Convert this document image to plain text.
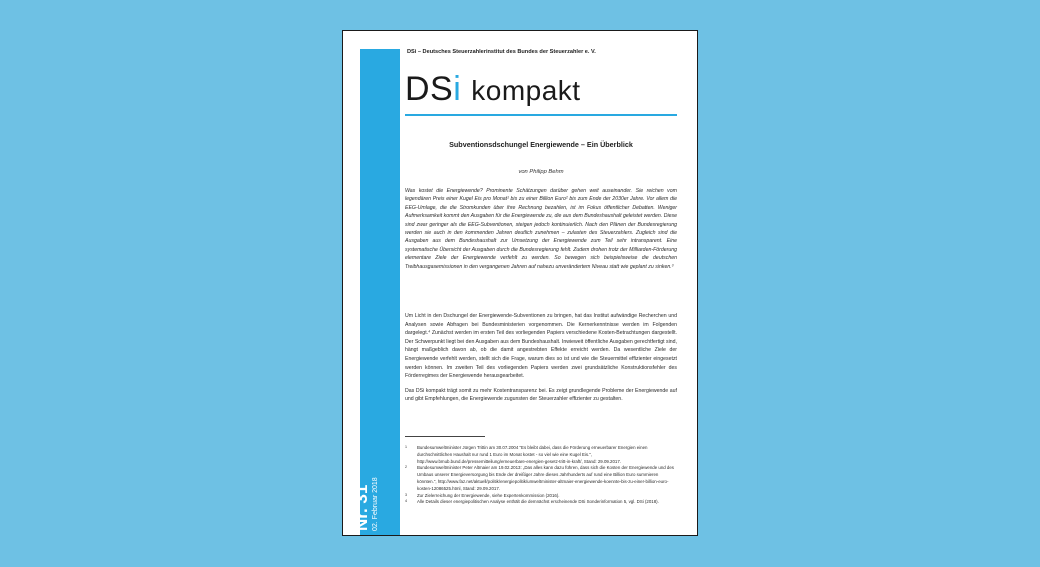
Nr. 31 02. Februar 2018
DSi – Deutsches Steuerzahlerinstitut des Bundes der Steuerzahler e. V.
DSi kompakt
Subventionsdschungel Energiewende – Ein Überblick
von Philipp Behm
Was kostet die Energiewende? Prominente Schätzungen darüber gehen weit auseinander. Sie reichen vom legendären Preis einer Kugel Eis pro Monat¹ bis zu einer Billion Euro² bis zum Ende der 2030er Jahre. Vor allem die EEG-Umlage, die die Stromkunden über ihre Rechnung bezahlen, ist im Fokus öffentlicher Debatten. Weniger Aufmerksamkeit kommt den Ausgaben für die Energiewende zu, die aus dem Bundeshaushalt geleistet werden. Diese sind zwar geringer als die EEG-Subventionen, steigen jedoch kontinuierlich. Nach den Plänen der Bundesregierung werden sie auch in den kommenden Jahren deutlich zunehmen – zulasten des Steuerzahlers. Zugleich sind die Ausgaben aus dem Bundeshaushalt zur Umsetzung der Energiewende zum Teil sehr intransparent. Eine systematische Übersicht der Ausgaben durch die Bundesregierung fehlt. Zudem drohen trotz der Milliarden-Förderung elementare Ziele der Energiewende verfehlt zu werden. So bewegen sich beispielsweise die deutschen Treibhausgasemissionen in den vergangenen Jahren auf nahezu unverändertem Niveau statt wie geplant zu sinken.³

Um Licht in den Dschungel der Energiewende-Subventionen zu bringen, hat das Institut aufwändige Recherchen und Analysen sowie Abfragen bei Bundesministerien vorgenommen. Die Kernerkenntnisse werden im Folgenden dargelegt.⁴ Zunächst werden im ersten Teil des vorliegenden Papiers verschiedene Kosten-Betrachtungen dargestellt. Der Schwerpunkt liegt bei den Ausgaben aus dem Bundeshaushalt. Inwieweit öffentliche Ausgaben gerechtfertigt sind, hängt maßgeblich davon ab, ob die damit angestrebten Effekte erreicht werden. Da wesentliche Ziele der Energiewende verfehlt werden, stellt sich die Frage, warum dies so ist und wie die Steuermittel effizienter eingesetzt werden können. Im zweiten Teil des vorliegenden Papiers werden zwei grundsätzliche Konstruktionsfehler des Förderregimes der Energiewende herausgearbeitet.

Das DSi kompakt trägt somit zu mehr Kostentransparenz bei. Es zeigt grundlegende Probleme der Energiewende auf und gibt Empfehlungen, die Energiewende zugunsten der Steuerzahler effizienter zu gestalten.

1 Bundesumweltminister Jürgen Trittin am 30.07.2004 "Es bleibt dabei, dass die Förderung erneuerbarer Energien einen durchschnittlichen Haushalt nur rund 1 Euro im Monat kostet - so viel wie eine Kugel Eis.", http://www.bmub.bund.de/pressemitteilung/erneuerbare-energien-gesetz-tritt-in-kraft/, Stand: 29.09.2017.

2 Bundesumweltminister Peter Altmaier am 19.02.2013: „Das alles kann dazu führen, dass sich die Kosten der Energiewende und des Umbaus unserer Energieversorgung bis Ende der dreißiger Jahre dieses Jahrhunderts auf rund eine Billion Euro summieren könnten.", http://www.faz.net/aktuell/politik/energiepolitik/umweltminister-altmaier-energiewende-koennte-bis-zu-einer-billion-euro-kosten-12086525.html, Stand: 29.09.2017.

3 Zur Zielerreichung der Energiewende, siehe Expertenkommission (2016).

4 Alle Details dieser energiepolitischen Analyse enthält die demnächst erscheinende DSi Sonderinformation 5, vgl. DSi (2018).
